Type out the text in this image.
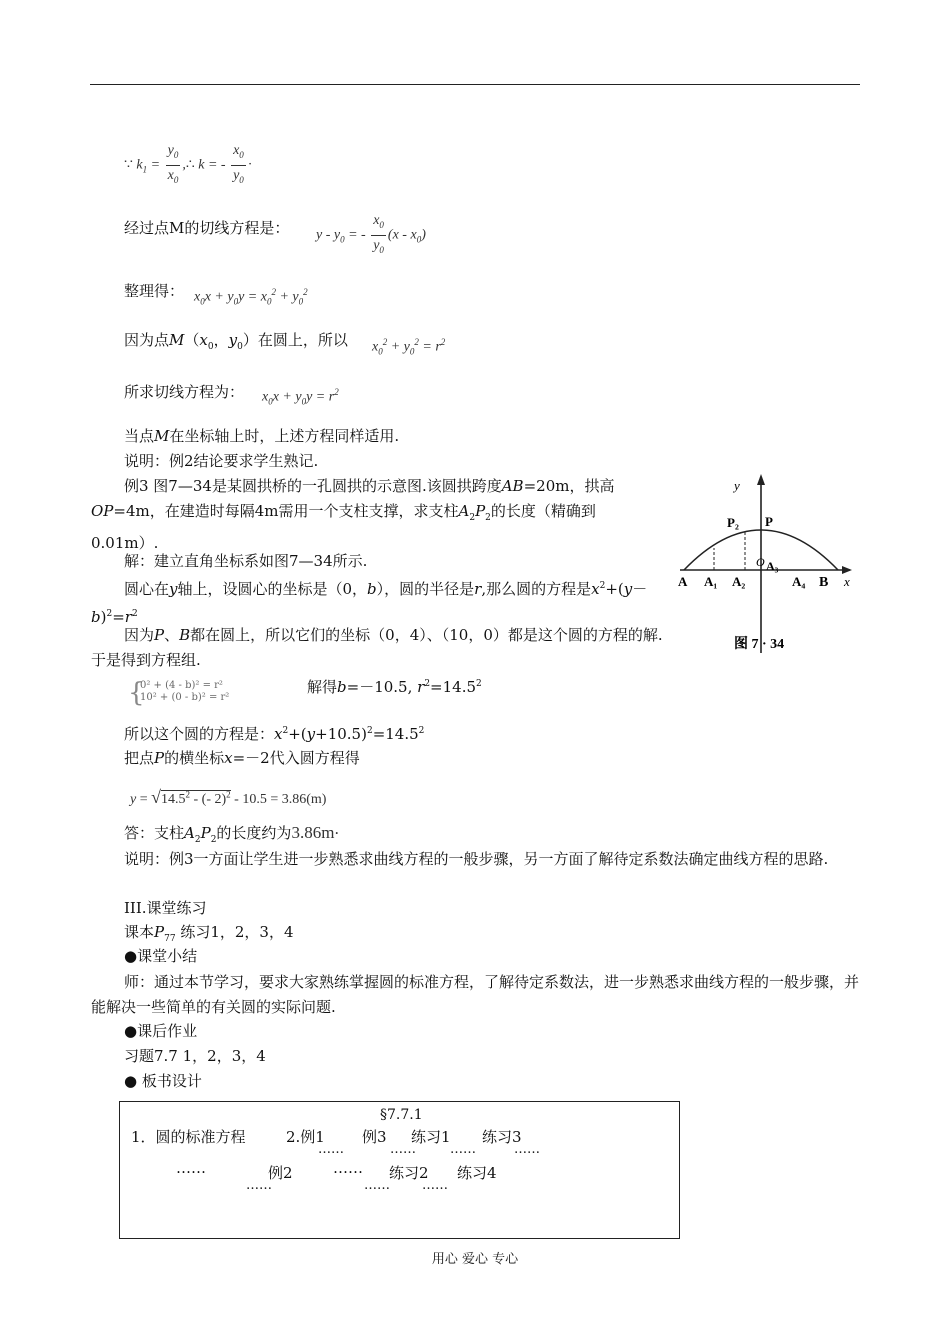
∵ $k_1 = \frac{y_0}{x_0}$ ,∴ k = - $\frac{x_0}{y_0}$ ·
经过点M的切线方程是： y - $y_0$ = - $\frac{x_0}{y_0} (x - x_0)$
整理得： $x_0x + y_0y = x_0^2 + y_0^2$
因为点$M(x_0$，$y_0$）在圆上，所以 $x_0^2 + y_0^2 = r^2$
所求切线方程为： $x_0x + y_0y = r^2$
当点M在坐标轴上时，上述方程同样适用.
说明：例2结论要求学生熟记.
例3 图7—34是某圆拱桥的一孔圆拱的示意图.该圆拱跨度AB=20m，拱高OP=4m，在建造时每隔4m需用一个支柱支撑，求支柱$A_2P_2$的长度（精确到0.01m）.
解：建立直角坐标系如图7—34所示.
圆心在y轴上，设圆心的坐标是（0，b），圆的半径是r,那么圆的方程是$x^2+(y-b)^2=r^2$
因为P、B都在圆上，所以它们的坐标（0，4）、（10，0）都是这个圆的方程的解.于是得到方程组.
{
0² + (4 - b)² = r²
10² + (0 - b)² = r²
解得b=－10.5, $r^2=14.5^2$
所以这个圆的方程是：$x^2+(y+10.5)^2=14.5^2$
把点P的横坐标x=－2代入圆方程得
$y = √14.5^2$ - (- 2)$^2$ - 10.5 = 3.86(m)
答：支柱$A_2P_2$的长度约为3.86m·
说明：例3一方面让学生进一步熟悉求曲线方程的一般步骤，另一方面了解待定系数法确定曲线方程的思路.
III.课堂练习
课本$P_{77}$ 练习1，2，3，4
●课堂小结
师：通过本节学习，要求大家熟练掌握圆的标准方程，了解待定系数法，进一步熟悉求曲线方程的一般步骤，并能解决一些简单的有关圆的实际问题.
●课后作业
习题7.7 1，2，3，4
● 板书设计
y
P₂ P
O
A A₁ A₂
A₃
A₄ B x
图 7 · 34
§7.7.1
1．圆的标准方程	2.例1 例3 练习1 练习3
……	……	……	……
……	例2	…… 练习2 练习4
……	…… ……
用心 爱心 专心
